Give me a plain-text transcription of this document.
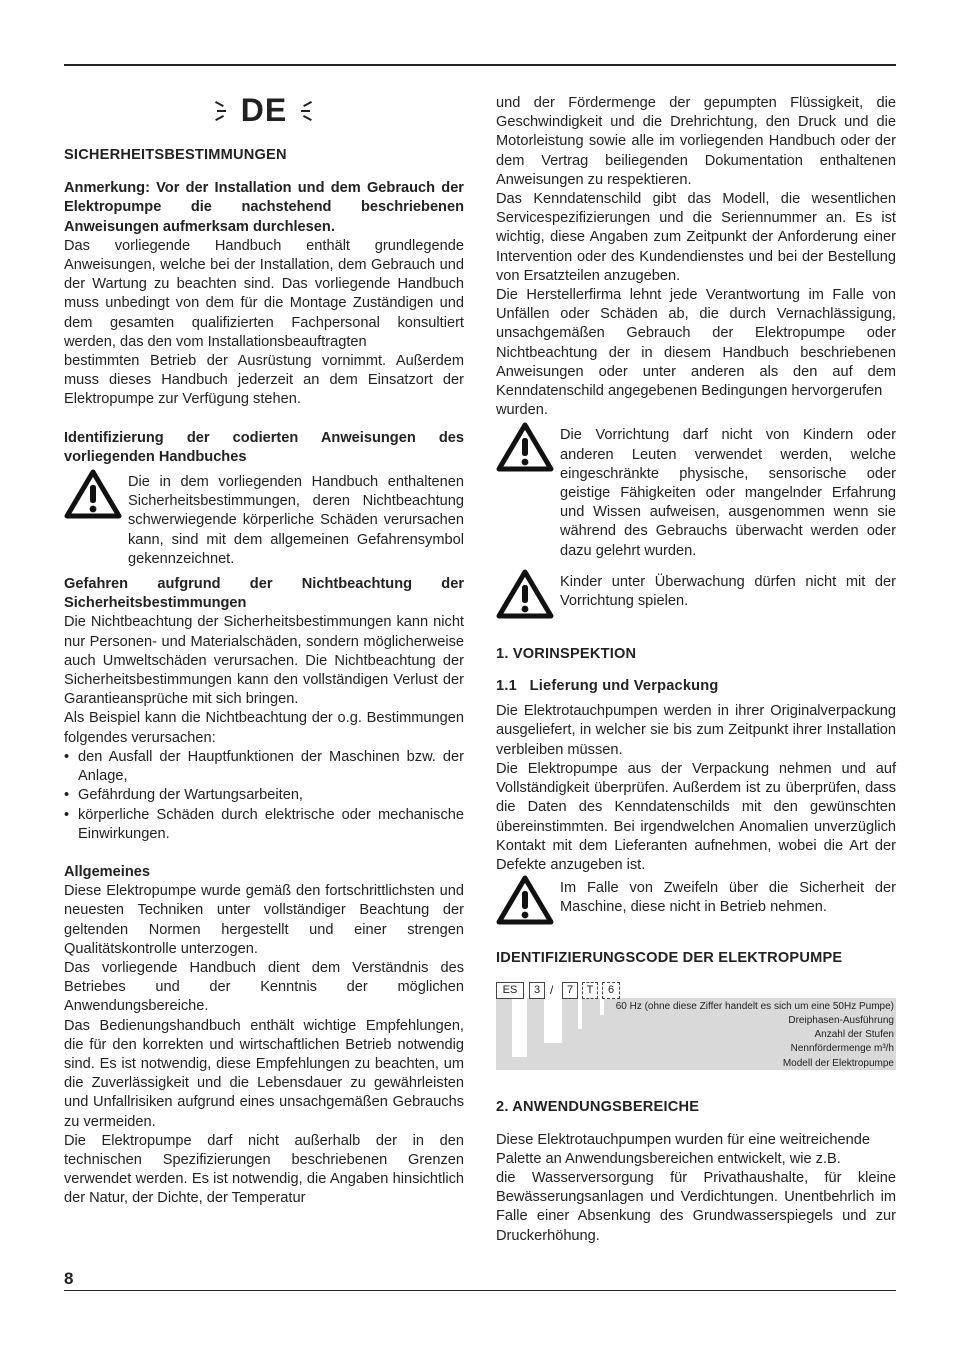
DE

SICHERHEITSBESTIMMUNGEN

Anmerkung: Vor der Installation und dem Gebrauch der Elektropumpe die nachstehend beschriebenen Anweisungen aufmerksam durchlesen.

Das vorliegende Handbuch enthält grundlegende Anweisungen, welche bei der Installation, dem Gebrauch und der Wartung zu beachten sind. Das vorliegende Handbuch muss unbedingt von dem für die Montage Zuständigen und dem gesamten qualifizierten Fachpersonal konsultiert werden, das den vom Installationsbeauftragten

bestimmten Betrieb der Ausrüstung vornimmt. Außerdem muss dieses Handbuch jederzeit an dem Einsatzort der Elektropumpe zur Verfügung stehen.

Identifizierung der codierten Anweisungen des vorliegenden Handbuches

Die in dem vorliegenden Handbuch enthaltenen Sicherheitsbestimmungen, deren Nichtbeachtung schwerwiegende körperliche Schäden verursachen kann, sind mit dem allgemeinen Gefahrensymbol gekennzeichnet.

Gefahren aufgrund der Nichtbeachtung der Sicherheitsbestimmungen

Die Nichtbeachtung der Sicherheitsbestimmungen kann nicht nur Personen- und Materialschäden, sondern möglicherweise auch Umweltschäden verursachen. Die Nichtbeachtung der Sicherheitsbestimmungen kann den vollständigen Verlust der Garantieansprüche mit sich bringen.

Als Beispiel kann die Nichtbeachtung der o.g. Bestimmungen folgendes verursachen:

• den Ausfall der Hauptfunktionen der Maschinen bzw. der Anlage,
• Gefährdung der Wartungsarbeiten,
• körperliche Schäden durch elektrische oder mechanische Einwirkungen.

Allgemeines

Diese Elektropumpe wurde gemäß den fortschrittlichsten und neuesten Techniken unter vollständiger Beachtung der geltenden Normen hergestellt und einer strengen Qualitätskontrolle unterzogen.

Das vorliegende Handbuch dient dem Verständnis des Betriebes und der Kenntnis der möglichen Anwendungsbereiche.

Das Bedienungshandbuch enthält wichtige Empfehlungen, die für den korrekten und wirtschaftlichen Betrieb notwendig sind. Es ist notwendig, diese Empfehlungen zu beachten, um die Zuverlässigkeit und die Lebensdauer zu gewährleisten und Unfallrisiken aufgrund eines unsachgemäßen Gebrauchs zu vermeiden.

Die Elektropumpe darf nicht außerhalb der in den technischen Spezifizierungen beschriebenen Grenzen verwendet werden. Es ist notwendig, die Angaben hinsichtlich der Natur, der Dichte, der Temperatur

und der Fördermenge der gepumpten Flüssigkeit, die Geschwindigkeit und die Drehrichtung, den Druck und die Motorleistung sowie alle im vorliegenden Handbuch oder der dem Vertrag beiliegenden Dokumentation enthaltenen Anweisungen zu respektieren.

Das Kenndatenschild gibt das Modell, die wesentlichen Servicespezifizierungen und die Seriennummer an. Es ist wichtig, diese Angaben zum Zeitpunkt der Anforderung einer Intervention oder des Kundendienstes und bei der Bestellung von Ersatzteilen anzugeben.

Die Herstellerfirma lehnt jede Verantwortung im Falle von Unfällen oder Schäden ab, die durch Vernachlässigung, unsachgemäßen Gebrauch der Elektropumpe oder Nichtbeachtung der in diesem Handbuch beschriebenen Anweisungen oder unter anderen als den auf dem Kenndatenschild angegebenen Bedingungen hervorgerufen

wurden.

Die Vorrichtung darf nicht von Kindern oder anderen Leuten verwendet werden, welche eingeschränkte physische, sensorische oder geistige Fähigkeiten oder mangelnder Erfahrung und Wissen aufweisen, ausgenommen wenn sie während des Gebrauchs überwacht werden oder dazu gelehrt wurden.

Kinder unter Überwachung dürfen nicht mit der Vorrichtung spielen.

1. VORINSPEKTION

1.1   Lieferung und Verpackung

Die Elektrotauchpumpen werden in ihrer Originalverpackung ausgeliefert, in welcher sie bis zum Zeitpunkt ihrer Installation verbleiben müssen.

Die Elektropumpe aus der Verpackung nehmen und auf Vollständigkeit überprüfen. Außerdem ist zu überprüfen, dass die Daten des Kenndatenschilds mit den gewünschten übereinstimmten. Bei irgendwelchen Anomalien unverzüglich Kontakt mit dem Lieferanten aufnehmen, wobei die Art der Defekte anzugeben ist.

Im Falle von Zweifeln über die Sicherheit der Maschine, diese nicht in Betrieb nehmen.

IDENTIFIZIERUNGSCODE DER ELEKTROPUMPE

ES	3 /	7	T	6
60 Hz (ohne diese Ziffer handelt es sich um eine 50Hz Pumpe)
Dreiphasen-Ausführung
Anzahl der Stufen
Nennfördermenge m³/h
Modell der Elektropumpe

2. ANWENDUNGSBEREICHE

Diese Elektrotauchpumpen wurden für eine weitreichende Palette an Anwendungsbereichen entwickelt, wie z.B.

die Wasserversorgung für Privathaushalte, für kleine Bewässerungsanlagen und Verdichtungen. Unentbehrlich im Falle einer Absenkung des Grundwasserspiegels und zur Druckerhöhung.

8
